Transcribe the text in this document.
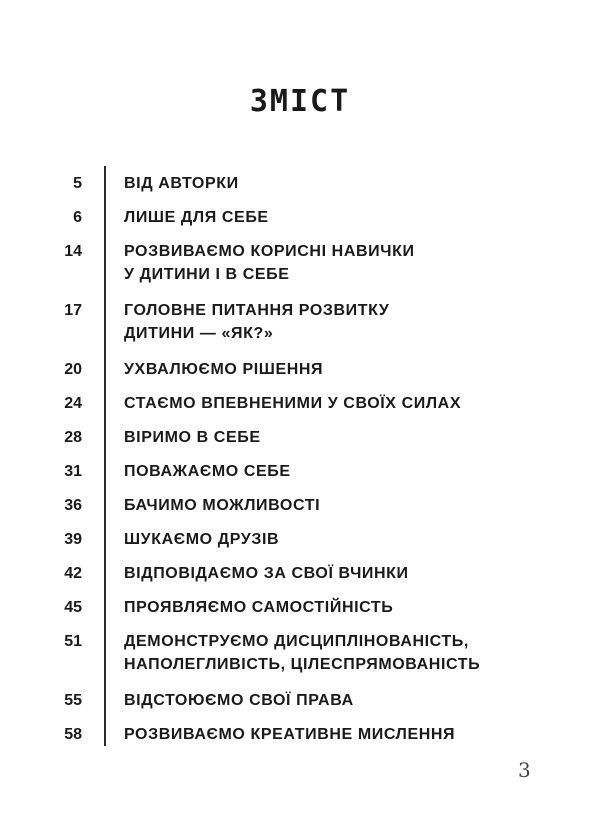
ЗМІСТ
5	ВІД АВТОРКИ
6	ЛИШЕ ДЛЯ СЕБЕ
14	РОЗВИВАЄМО КОРИСНІ НАВИЧКИ
У ДИТИНИ І В СЕБЕ
17	ГОЛОВНЕ ПИТАННЯ РОЗВИТКУ
ДИТИНИ — «ЯК?»
20	УХВАЛЮЄМО РІШЕННЯ
24	СТАЄМО ВПЕВНЕНИМИ У СВОЇХ СИЛАХ
28	ВІРИМО В СЕБЕ
31	ПОВАЖАЄМО СЕБЕ
36	БАЧИМО МОЖЛИВОСТІ
39	ШУКАЄМО ДРУЗІВ
42	ВІДПОВІДАЄМО ЗА СВОЇ ВЧИНКИ
45	ПРОЯВЛЯЄМО САМОСТІЙНІСТЬ
51	ДЕМОНСТРУЄМО ДИСЦИПЛІНОВАНІСТЬ,
НАПОЛЕГЛИВІСТЬ, ЦІЛЕСПРЯМОВАНІСТЬ
55	ВІДСТОЮЄМО СВОЇ ПРАВА
58	РОЗВИВАЄМО КРЕАТИВНЕ МИСЛЕННЯ
3
